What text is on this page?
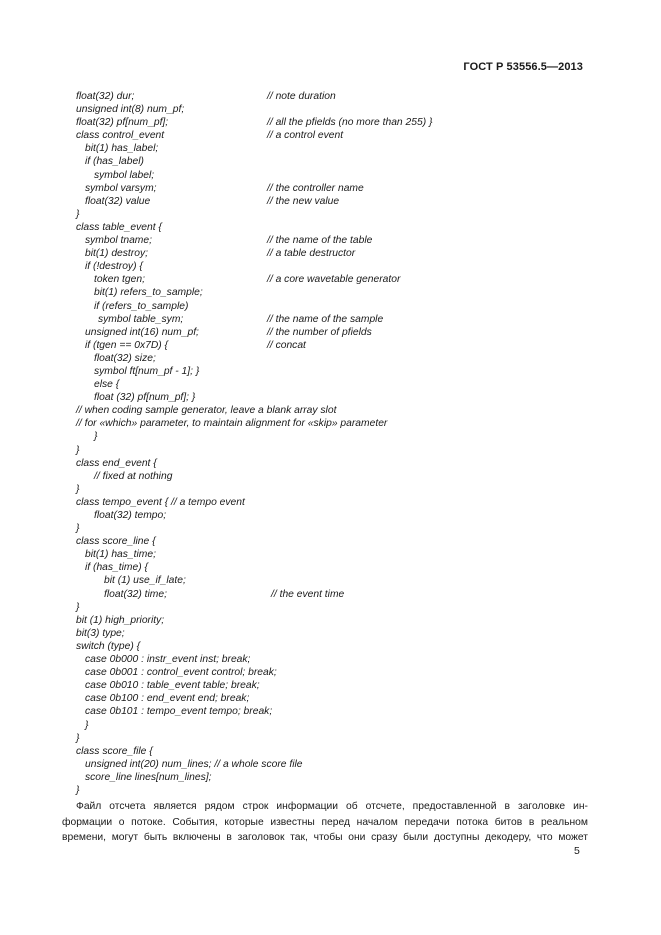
ГОСТ Р 53556.5—2013
float(32) dur;	// note duration
unsigned int(8) num_pf;
float(32) pf[num_pf];	// all the pfields (no more than 255) }
class control_event	// a control event
bit(1) has_label;
if (has_label)
symbol label;
symbol varsym;	// the controller name
float(32) value	// the new value
}
class table_event {
symbol tname;	// the name of the table
bit(1) destroy;	// a table destructor
if (!destroy) {
token tgen;	// a core wavetable generator
bit(1) refers_to_sample;
if (refers_to_sample)
symbol table_sym;	// the name of the sample
unsigned int(16) num_pf;	// the number of pfields
if (tgen == 0x7D) {	// concat
float(32) size;
symbol ft[num_pf - 1]; }
else {
float (32) pf[num_pf]; }
// when coding sample generator, leave a blank array slot
// for «which» parameter, to maintain alignment for «skip» parameter
}
}
class end_event {
// fixed at nothing
}
class tempo_event { // a tempo event
float(32) tempo;
}
class score_line {
bit(1) has_time;
if (has_time) {
bit (1) use_if_late;
float(32) time;	// the event time
}
bit (1) high_priority;
bit(3) type;
switch (type) {
case 0b000 : instr_event inst; break;
case 0b001 : control_event control; break;
case 0b010 : table_event table; break;
case 0b100 : end_event end; break;
case 0b101 : tempo_event tempo; break;
}
}
class score_file {
unsigned int(20) num_lines; // a whole score file
score_line lines[num_lines];
}
Файл отсчета является рядом строк информации об отсчете, предоставленной в заголовке ин-
формации о потоке. События, которые известны перед началом передачи потока битов в реальном
времени, могут быть включены в заголовок так, чтобы они сразу были доступны декодеру, что может
5
